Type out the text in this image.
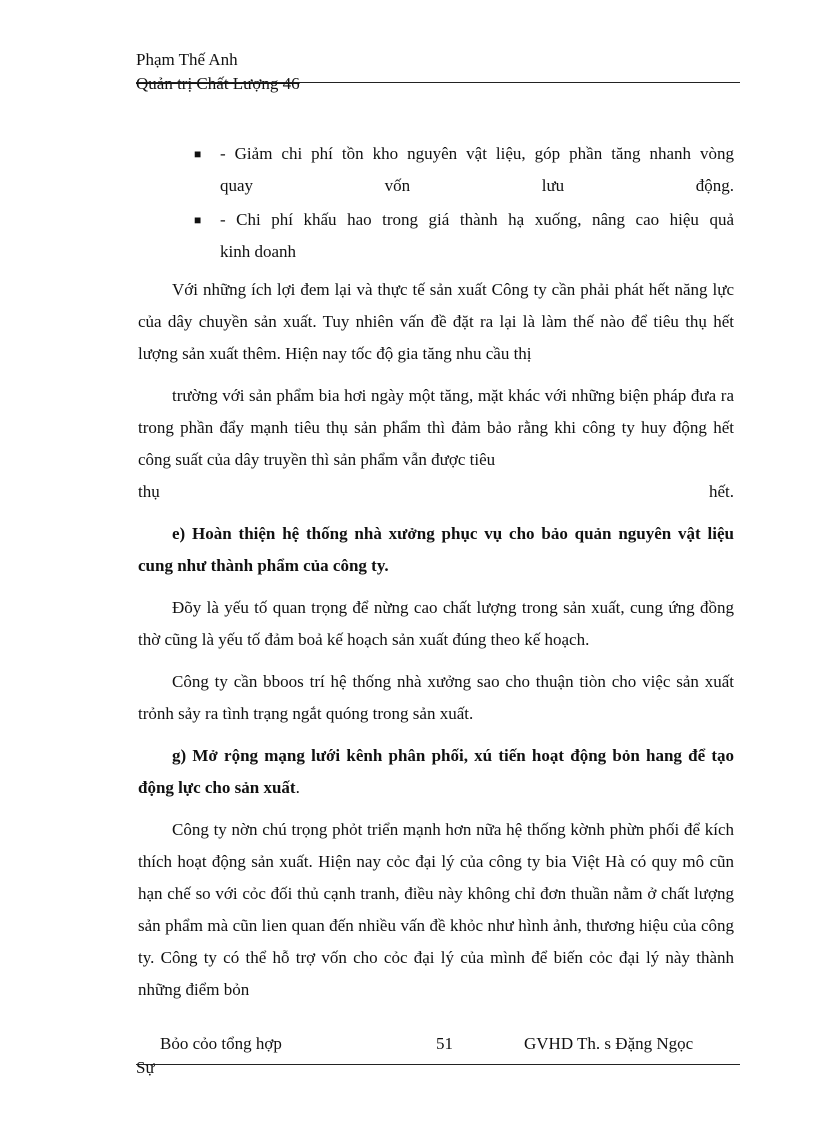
Phạm Thế Anh
Quản trị Chất Lượng 46
■ - Giảm chi phí tồn kho nguyên vật liệu, góp phần tăng nhanh vòng
quay vốn lưu động.
■ - Chi phí khấu hao trong giá thành hạ xuống, nâng cao hiệu quả
kinh doanh

Với những ích lợi đem lại và thực tế sản xuất Công ty cần phải phát hết năng lực của dây chuyền sản xuất. Tuy nhiên vấn đề đặt ra lại là làm thế nào để tiêu thụ hết lượng sản xuất thêm. Hiện nay tốc độ gia tăng nhu cầu thị

trường với sản phẩm bia hơi ngày một tăng, mặt khác với những biện pháp đưa ra trong phần đẩy mạnh tiêu thụ sản phẩm thì đảm bảo rằng khi công ty huy động hết công suất của dây truyền thì sản phẩm vẫn được tiêu

thụ hết.

e) Hoàn thiện hệ thống nhà xưởng phục vụ cho bảo quản nguyên vật liệu cung như thành phẩm của công ty.

Đõy là yếu tố quan trọng để nừng cao chất lượng trong sản xuất, cung ứng đồng thờ cũng là yếu tố đảm boả kế hoạch sản xuất đúng theo kế hoạch.

Công ty cần bboos trí hệ thống nhà xưởng sao cho thuận tiòn cho việc sản xuất trỏnh sảy ra tình trạng ngắt quóng trong sản xuất.

g) Mở rộng mạng lưới kênh phân phối, xú tiến hoạt động bỏn hang để tạo động lực cho sản xuất.

Công ty nờn chú trọng phỏt triển mạnh hơn nữa hệ thống kờnh phừn phối để kích thích hoạt động sản xuất. Hiện nay cỏc đại lý của công ty bia Việt Hà có quy mô cũn hạn chế so với cỏc đối thủ cạnh tranh, điều này không chỉ đơn thuần nằm ở chất lượng sản phẩm mà cũn lien quan đến nhiều vấn đề khỏc như hình ảnh, thương hiệu của công ty. Công ty có thể hỗ trợ vốn cho cỏc đại lý của mình để biến cỏc đại lý này thành những điểm bỏn

Bỏo cỏo tổng hợp	51	GVHD Th. s Đặng Ngọc
Sự
